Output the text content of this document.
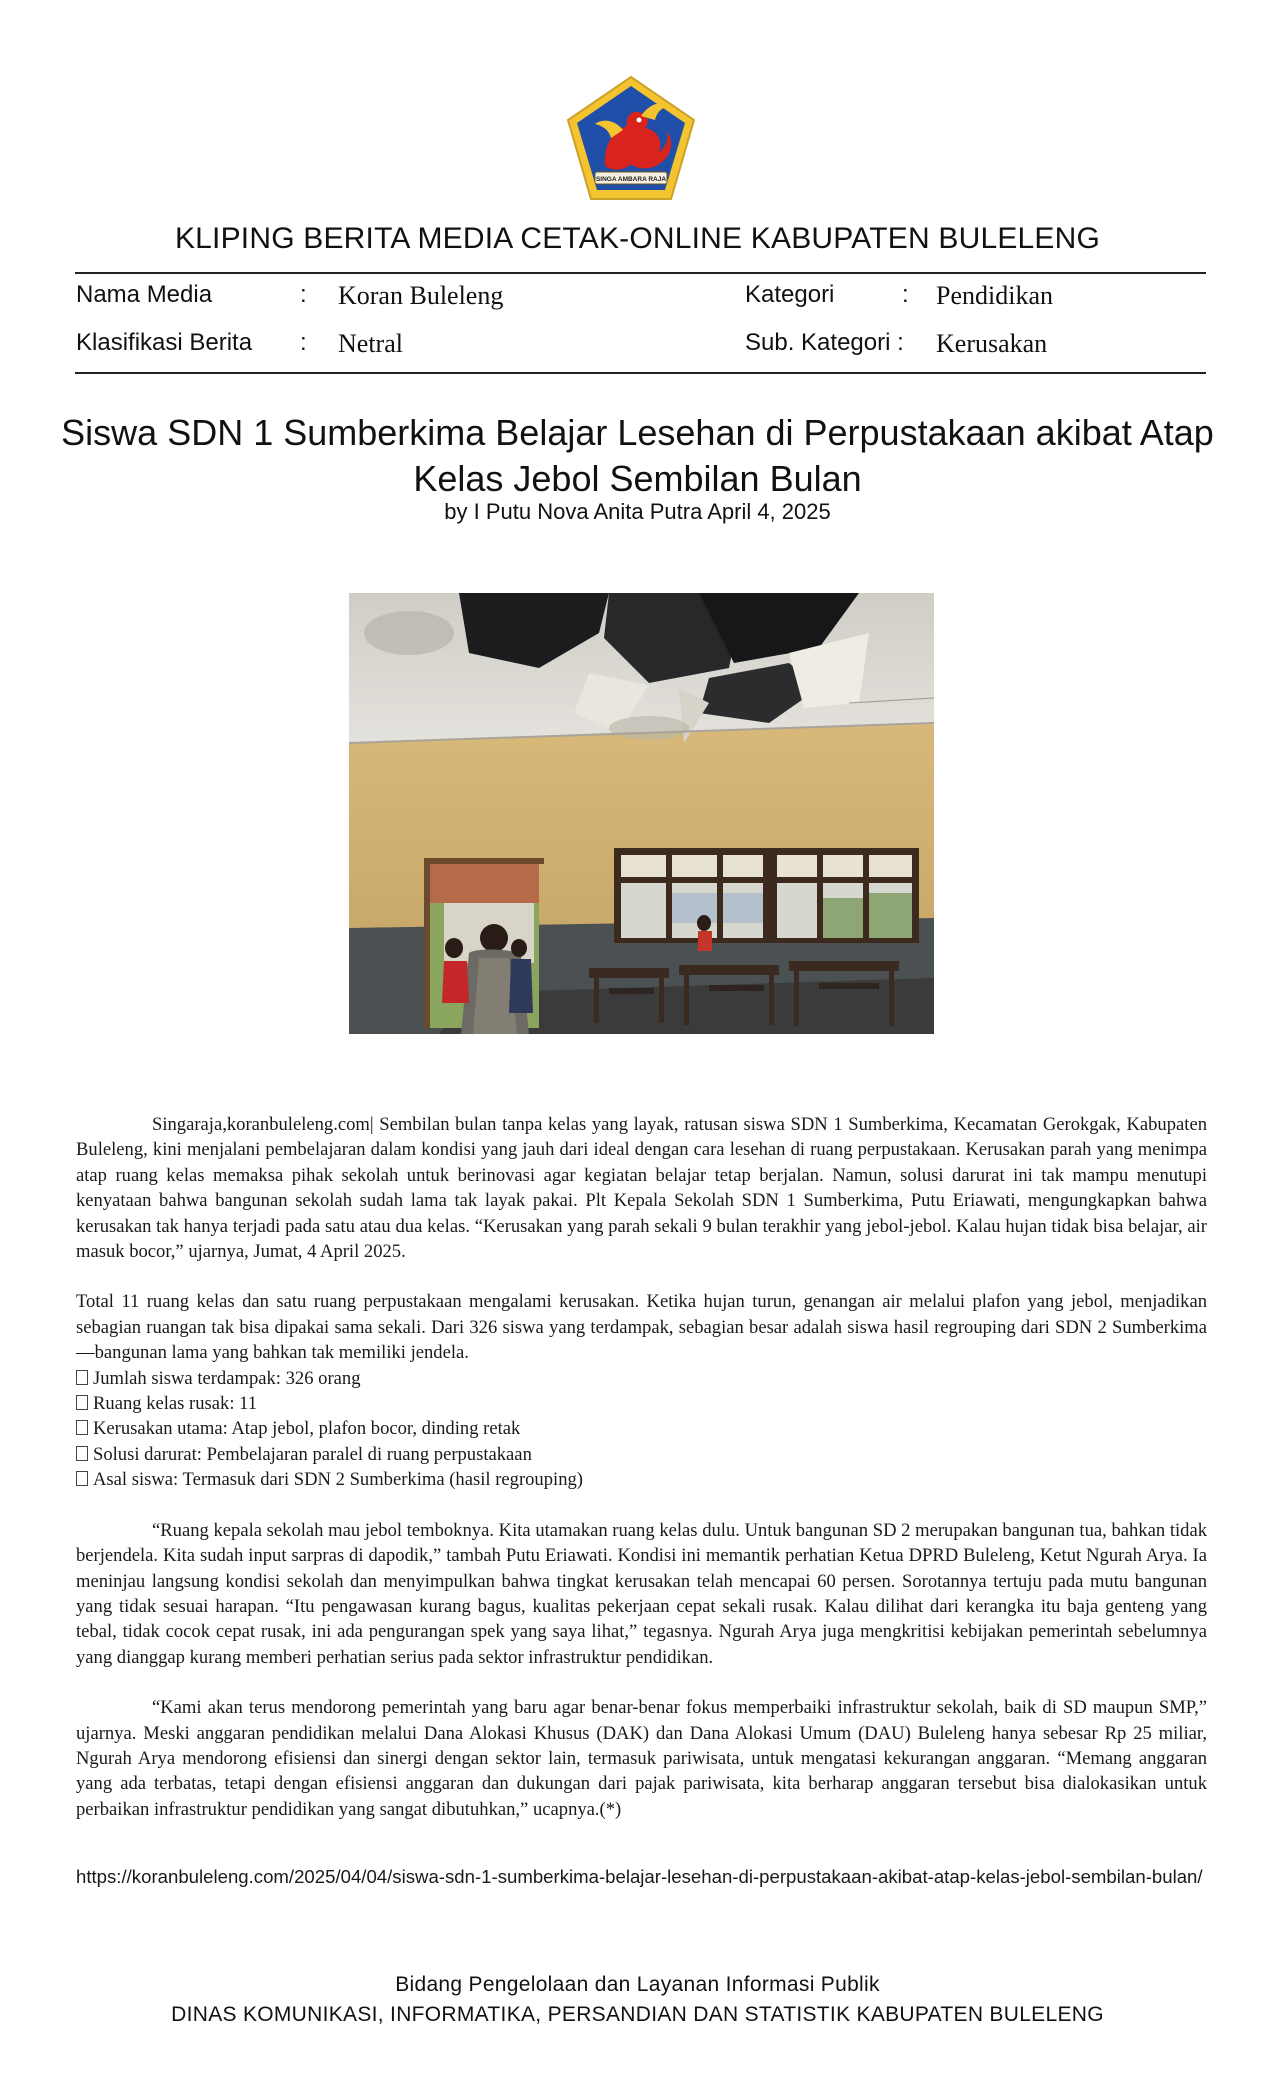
SINGA AMBARA RAJA
KLIPING BERITA MEDIA CETAK-ONLINE KABUPATEN BULELENG
Nama Media	: Koran Buleleng	Kategori	: Pendidikan
Klasifikasi Berita : Netral	Sub. Kategori : Kerusakan
Siswa SDN 1 Sumberkima Belajar Lesehan di Perpustakaan akibat Atap Kelas Jebol Sembilan Bulan
by I Putu Nova Anita Putra April 4, 2025

Singaraja,koranbuleleng.com| Sembilan bulan tanpa kelas yang layak, ratusan siswa SDN 1 Sumberkima, Kecamatan Gerokgak, Kabupaten Buleleng, kini menjalani pembelajaran dalam kondisi yang jauh dari ideal dengan cara lesehan di ruang perpustakaan. Kerusakan parah yang menimpa atap ruang kelas memaksa pihak sekolah untuk berinovasi agar kegiatan belajar tetap berjalan. Namun, solusi darurat ini tak mampu menutupi kenyataan bahwa bangunan sekolah sudah lama tak layak pakai. Plt Kepala Sekolah SDN 1 Sumberkima, Putu Eriawati, mengungkapkan bahwa kerusakan tak hanya terjadi pada satu atau dua kelas. “Kerusakan yang parah sekali 9 bulan terakhir yang jebol-jebol. Kalau hujan tidak bisa belajar, air masuk bocor,” ujarnya, Jumat, 4 April 2025.

Total 11 ruang kelas dan satu ruang perpustakaan mengalami kerusakan. Ketika hujan turun, genangan air melalui plafon yang jebol, menjadikan sebagian ruangan tak bisa dipakai sama sekali. Dari 326 siswa yang terdampak, sebagian besar adalah siswa hasil regrouping dari SDN 2 Sumberkima—bangunan lama yang bahkan tak memiliki jendela.

Jumlah siswa terdampak: 326 orang
Ruang kelas rusak: 11
Kerusakan utama: Atap jebol, plafon bocor, dinding retak
Solusi darurat: Pembelajaran paralel di ruang perpustakaan
Asal siswa: Termasuk dari SDN 2 Sumberkima (hasil regrouping)

“Ruang kepala sekolah mau jebol temboknya. Kita utamakan ruang kelas dulu. Untuk bangunan SD 2 merupakan bangunan tua, bahkan tidak berjendela. Kita sudah input sarpras di dapodik,” tambah Putu Eriawati. Kondisi ini memantik perhatian Ketua DPRD Buleleng, Ketut Ngurah Arya. Ia meninjau langsung kondisi sekolah dan menyimpulkan bahwa tingkat kerusakan telah mencapai 60 persen. Sorotannya tertuju pada mutu bangunan yang tidak sesuai harapan. “Itu pengawasan kurang bagus, kualitas pekerjaan cepat sekali rusak. Kalau dilihat dari kerangka itu baja genteng yang tebal, tidak cocok cepat rusak, ini ada pengurangan spek yang saya lihat,” tegasnya. Ngurah Arya juga mengkritisi kebijakan pemerintah sebelumnya yang dianggap kurang memberi perhatian serius pada sektor infrastruktur pendidikan.

“Kami akan terus mendorong pemerintah yang baru agar benar-benar fokus memperbaiki infrastruktur sekolah, baik di SD maupun SMP,” ujarnya. Meski anggaran pendidikan melalui Dana Alokasi Khusus (DAK) dan Dana Alokasi Umum (DAU) Buleleng hanya sebesar Rp 25 miliar, Ngurah Arya mendorong efisiensi dan sinergi dengan sektor lain, termasuk pariwisata, untuk mengatasi kekurangan anggaran. “Memang anggaran yang ada terbatas, tetapi dengan efisiensi anggaran dan dukungan dari pajak pariwisata, kita berharap anggaran tersebut bisa dialokasikan untuk perbaikan infrastruktur pendidikan yang sangat dibutuhkan,” ucapnya.(*)

https://koranbuleleng.com/2025/04/04/siswa-sdn-1-sumberkima-belajar-lesehan-di-perpustakaan-akibat-atap-kelas-jebol-sembilan-bulan/
Bidang Pengelolaan dan Layanan Informasi Publik
DINAS KOMUNIKASI, INFORMATIKA, PERSANDIAN DAN STATISTIK KABUPATEN BULELENG
